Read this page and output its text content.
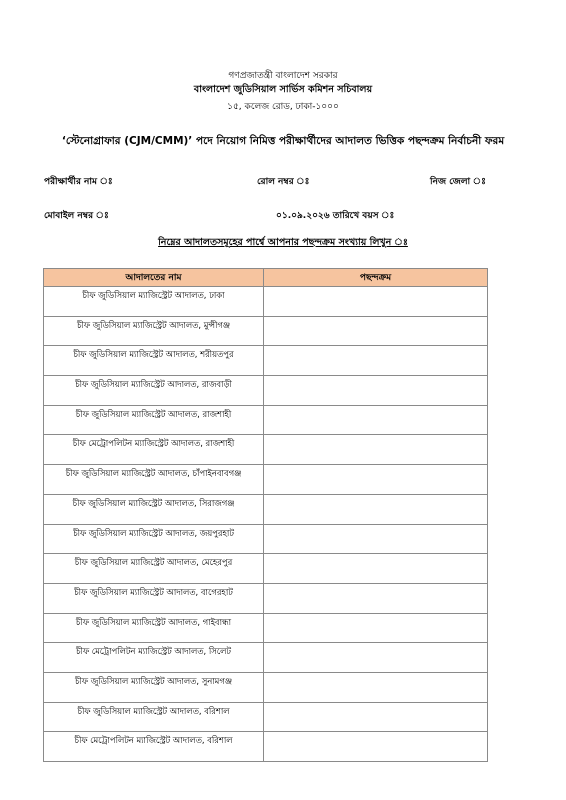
গণপ্রজাতন্ত্রী বাংলাদেশ সরকার
বাংলাদেশ জুডিসিয়াল সার্ভিস কমিশন সচিবালয়
১৫, কলেজ রোড, ঢাকা-১০০০
‘স্টেনোগ্রাফার (CJM/CMM)’ পদে নিয়োগ নিমিত্ত পরীক্ষার্থীদের আদালত ভিত্তিক পছন্দক্রম নির্বাচনী ফরম
পরীক্ষার্থীর নাম ঃ	রোল নম্বর ঃ	নিজ জেলা ঃ
মোবাইল নম্বর ঃ	০১.০৯.২০২৬ তারিখে বয়স ঃ
নিম্নের আদালতসমূহের পার্শ্বে আপনার পছন্দক্রম সংখ্যায় লিখুন ঃ
আদালতের নাম	পছন্দক্রম
চীফ জুডিসিয়াল ম্যাজিস্ট্রেট আদালত, ঢাকা	
চীফ জুডিসিয়াল ম্যাজিস্ট্রেট আদালত, মুন্সীগঞ্জ	
চীফ জুডিসিয়াল ম্যাজিস্ট্রেট আদালত, শরীয়তপুর	
চীফ জুডিসিয়াল ম্যাজিস্ট্রেট আদালত, রাজবাড়ী	
চীফ জুডিসিয়াল ম্যাজিস্ট্রেট আদালত, রাজশাহী	
চীফ মেট্রোপলিটন ম্যাজিস্ট্রেট আদালত, রাজশাহী	
চীফ জুডিসিয়াল ম্যাজিস্ট্রেট আদালত, চাঁপাইনবাবগঞ্জ	
চীফ জুডিসিয়াল ম্যাজিস্ট্রেট আদালত, সিরাজগঞ্জ	
চীফ জুডিসিয়াল ম্যাজিস্ট্রেট আদালত, জয়পুরহাট	
চীফ জুডিসিয়াল ম্যাজিস্ট্রেট আদালত, মেহেরপুর	
চীফ জুডিসিয়াল ম্যাজিস্ট্রেট আদালত, বাগেরহাট	
চীফ জুডিসিয়াল ম্যাজিস্ট্রেট আদালত, গাইবান্ধা	
চীফ মেট্রোপলিটন ম্যাজিস্ট্রেট আদালত, সিলেট	
চীফ জুডিসিয়াল ম্যাজিস্ট্রেট আদালত, সুনামগঞ্জ	
চীফ জুডিসিয়াল ম্যাজিস্ট্রেট আদালত, বরিশাল	
চীফ মেট্রোপলিটন ম্যাজিস্ট্রেট আদালত, বরিশাল	
